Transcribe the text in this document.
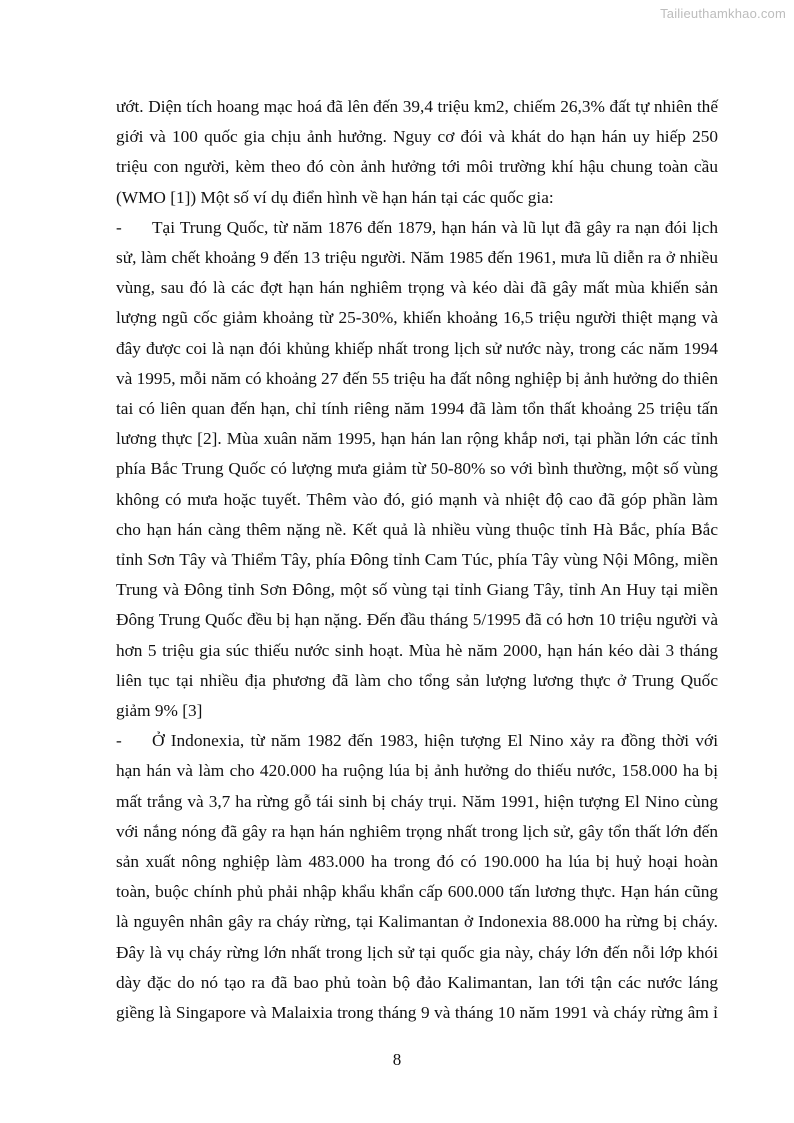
Tailieuthamkhao.com
ướt. Diện tích hoang mạc hoá đã lên đến 39,4 triệu km2, chiếm 26,3% đất tự nhiên thế
giới và 100 quốc gia chịu ảnh hưởng. Nguy cơ đói và khát do hạn hán uy hiếp 250
triệu con người, kèm theo đó còn ảnh hưởng tới môi trường khí hậu chung toàn cầu
(WMO [1]) Một số ví dụ điển hình về hạn hán tại các quốc gia:
- Tại Trung Quốc, từ năm 1876 đến 1879, hạn hán và lũ lụt đã gây ra nạn đói lịch
sử, làm chết khoảng 9 đến 13 triệu người. Năm 1985 đến 1961, mưa lũ diễn ra ở nhiều
vùng, sau đó là các đợt hạn hán nghiêm trọng và kéo dài đã gây mất mùa khiến sản
lượng ngũ cốc giảm khoảng từ 25-30%, khiến khoảng 16,5 triệu người thiệt mạng và
đây được coi là nạn đói khủng khiếp nhất trong lịch sử nước này, trong các năm 1994
và 1995, mỗi năm có khoảng 27 đến 55 triệu ha đất nông nghiệp bị ảnh hưởng do thiên
tai có liên quan đến hạn, chỉ tính riêng năm 1994 đã làm tổn thất khoảng 25 triệu tấn
lương thực [2]. Mùa xuân năm 1995, hạn hán lan rộng khắp nơi, tại phần lớn các tỉnh
phía Bắc Trung Quốc có lượng mưa giảm từ 50-80% so với bình thường, một số vùng
không có mưa hoặc tuyết. Thêm vào đó, gió mạnh và nhiệt độ cao đã góp phần làm
cho hạn hán càng thêm nặng nề. Kết quả là nhiều vùng thuộc tỉnh Hà Bắc, phía Bắc
tỉnh Sơn Tây và Thiểm Tây, phía Đông tỉnh Cam Túc, phía Tây vùng Nội Mông, miền
Trung và Đông tỉnh Sơn Đông, một số vùng tại tỉnh Giang Tây, tỉnh An Huy tại miền
Đông Trung Quốc đều bị hạn nặng. Đến đầu tháng 5/1995 đã có hơn 10 triệu người và
hơn 5 triệu gia súc thiếu nước sinh hoạt. Mùa hè năm 2000, hạn hán kéo dài 3 tháng
liên tục tại nhiều địa phương đã làm cho tổng sản lượng lương thực ở Trung Quốc
giảm 9% [3]
- Ở Indonexia, từ năm 1982 đến 1983, hiện tượng El Nino xảy ra đồng thời với
hạn hán và làm cho 420.000 ha ruộng lúa bị ảnh hưởng do thiếu nước, 158.000 ha bị
mất trắng và 3,7 ha rừng gỗ tái sinh bị cháy trụi. Năm 1991, hiện tượng El Nino cùng
với nắng nóng đã gây ra hạn hán nghiêm trọng nhất trong lịch sử, gây tổn thất lớn đến
sản xuất nông nghiệp làm 483.000 ha trong đó có 190.000 ha lúa bị huỷ hoại hoàn
toàn, buộc chính phủ phải nhập khẩu khẩn cấp 600.000 tấn lương thực. Hạn hán cũng
là nguyên nhân gây ra cháy rừng, tại Kalimantan ở Indonexia 88.000 ha rừng bị cháy.
Đây là vụ cháy rừng lớn nhất trong lịch sử tại quốc gia này, cháy lớn đến nỗi lớp khói
dày đặc do nó tạo ra đã bao phủ toàn bộ đảo Kalimantan, lan tới tận các nước láng
giềng là Singapore và Malaixia trong tháng 9 và tháng 10 năm 1991 và cháy rừng âm ỉ
8
